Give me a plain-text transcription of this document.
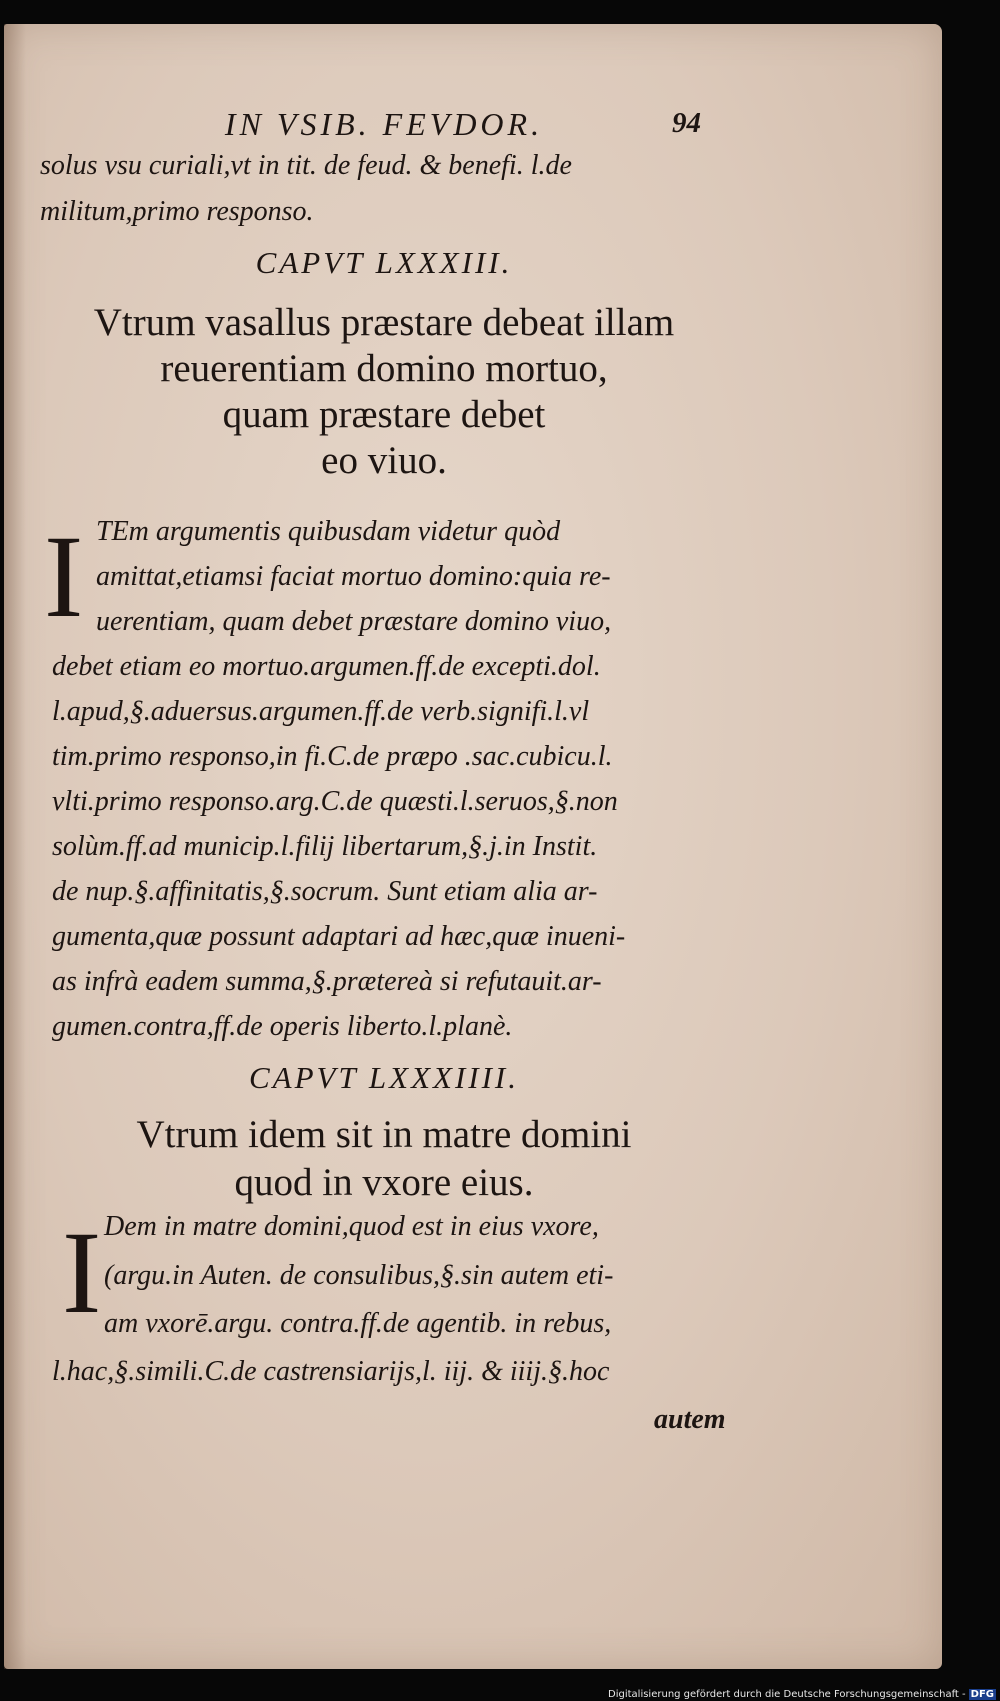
IN VSIB. FEVDOR.	94
solus vsu curiali,vt in tit. de feud. & benefi. l.de
militum,primo responso.
CAPVT LXXXIII.
Vtrum vasallus præstare debeat illam
reuerentiam domino mortuo,
quam præstare debet
eo viuo.
I TEm argumentis quibusdam videtur quòd
amittat,etiamsi faciat mortuo domino:quia re-
uerentiam, quam debet præstare domino viuo,
debet etiam eo mortuo.argumen.ff.de excepti.dol.
l.apud,§.aduersus.argumen.ff.de verb.signifi.l.vl
tim.primo responso,in fi.C.de præpo .sac.cubicu.l.
vlti.primo responso.arg.C.de quæsti.l.seruos,§.non
solùm.ff.ad municip.l.filij libertarum,§.j.in Instit.
de nup.§.affinitatis,§.socrum. Sunt etiam alia ar-
gumenta,quæ possunt adaptari ad hæc,quæ inueni-
as infrà eadem summa,§.prætereà si refutauit.ar-
gumen.contra,ff.de operis liberto.l.planè.
CAPVT LXXXIIII.
Vtrum idem sit in matre domini
quod in vxore eius.
I Dem in matre domini,quod est in eius vxore,
(argu.in Auten. de consulibus,§.sin autem eti-
am vxorē.argu. contra.ff.de agentib. in rebus,
l.hac,§.simili.C.de castrensiarijs,l. iij. & iiij.§.hoc
autem
Digitalisierung gefördert durch die Deutsche Forschungsgemeinschaft - DFG
